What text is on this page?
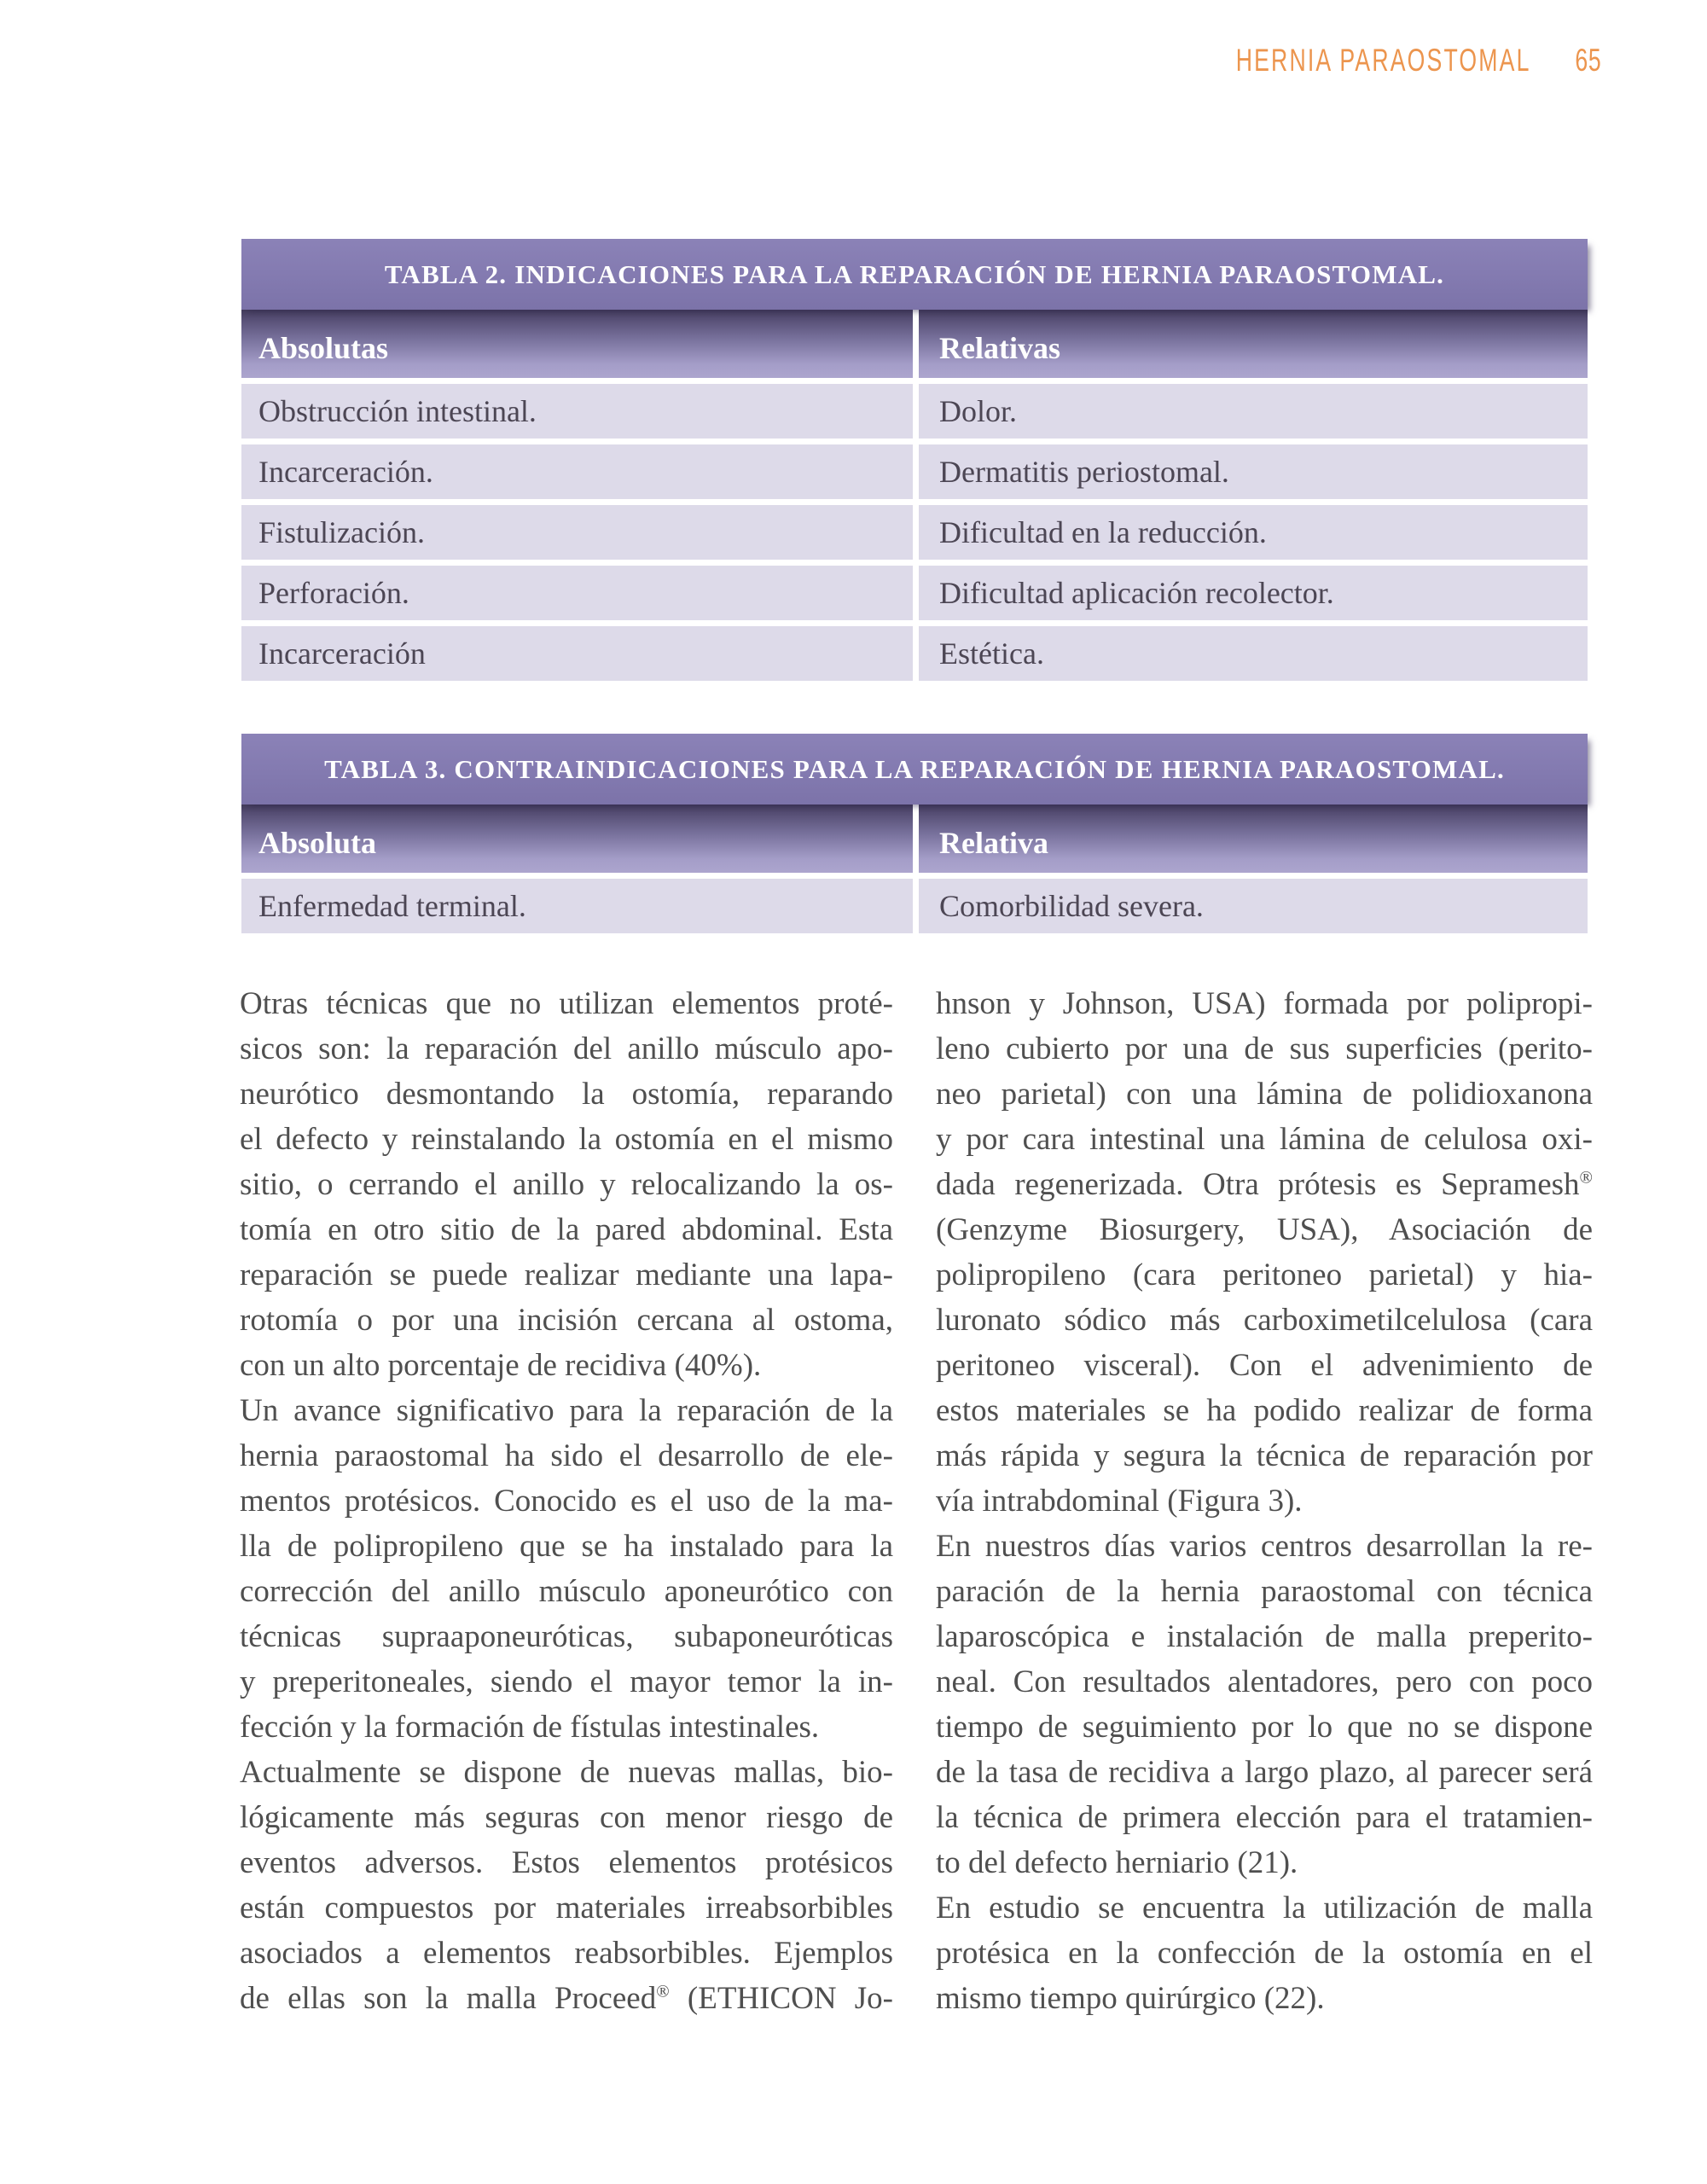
HERNIA PARAOSTOMAL 65
TABLA 2. INDICACIONES PARA LA REPARACIÓN DE HERNIA PARAOSTOMAL.
Absolutas	Relativas
Obstrucción intestinal.	Dolor.
Incarceración.	Dermatitis periostomal.
Fistulización.	Dificultad en la reducción.
Perforación.	Dificultad aplicación recolector.
Incarceración	Estética.
TABLA 3. CONTRAINDICACIONES PARA LA REPARACIÓN DE HERNIA PARAOSTOMAL.
Absoluta	Relativa
Enfermedad terminal.	Comorbilidad severa.
Otras técnicas que no utilizan elementos proté-
sicos son: la reparación del anillo músculo apo-
neurótico desmontando la ostomía, reparando
el defecto y reinstalando la ostomía en el mismo
sitio, o cerrando el anillo y relocalizando la os-
tomía en otro sitio de la pared abdominal. Esta
reparación se puede realizar mediante una lapa-
rotomía o por una incisión cercana al ostoma,
con un alto porcentaje de recidiva (40%).
Un avance significativo para la reparación de la
hernia paraostomal ha sido el desarrollo de ele-
mentos protésicos. Conocido es el uso de la ma-
lla de polipropileno que se ha instalado para la
corrección del anillo músculo aponeurótico con
técnicas supraaponeuróticas, subaponeuróticas
y preperitoneales, siendo el mayor temor la in-
fección y la formación de fístulas intestinales.
Actualmente se dispone de nuevas mallas, bio-
lógicamente más seguras con menor riesgo de
eventos adversos. Estos elementos protésicos
están compuestos por materiales irreabsorbibles
asociados a elementos reabsorbibles. Ejemplos
de ellas son la malla Proceed® (ETHICON Jo-
hnson y Johnson, USA) formada por polipropi-
leno cubierto por una de sus superficies (perito-
neo parietal) con una lámina de polidioxanona
y por cara intestinal una lámina de celulosa oxi-
dada regenerizada. Otra prótesis es Sepramesh®
(Genzyme Biosurgery, USA), Asociación de
polipropileno (cara peritoneo parietal) y hia-
luronato sódico más carboximetilcelulosa (cara
peritoneo visceral). Con el advenimiento de
estos materiales se ha podido realizar de forma
más rápida y segura la técnica de reparación por
vía intrabdominal (Figura 3).
En nuestros días varios centros desarrollan la re-
paración de la hernia paraostomal con técnica
laparoscópica e instalación de malla preperito-
neal. Con resultados alentadores, pero con poco
tiempo de seguimiento por lo que no se dispone
de la tasa de recidiva a largo plazo, al parecer será
la técnica de primera elección para el tratamien-
to del defecto herniario (21).
En estudio se encuentra la utilización de malla
protésica en la confección de la ostomía en el
mismo tiempo quirúrgico (22).
